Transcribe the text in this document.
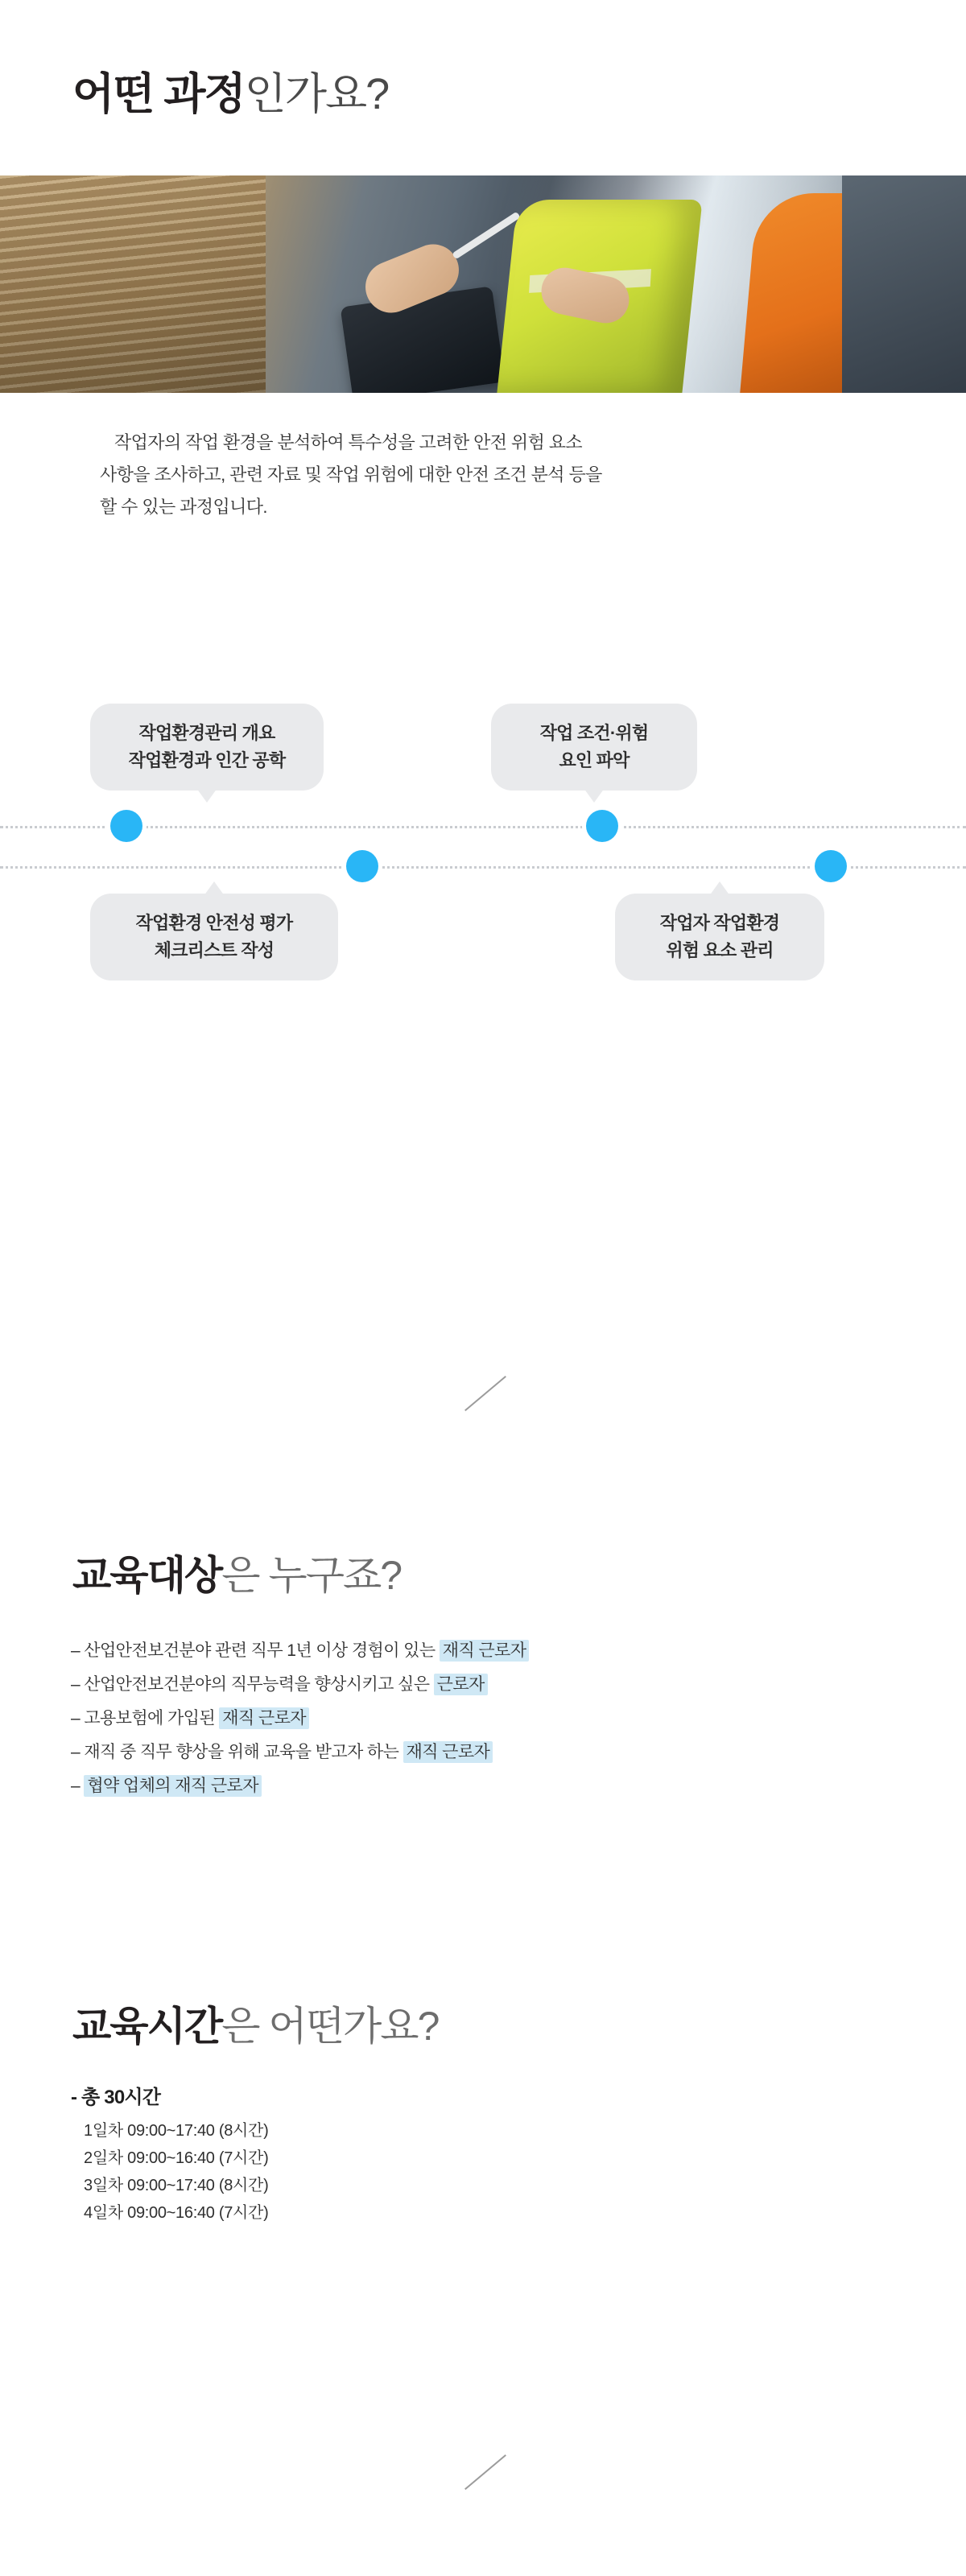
어떤 과정인가요?

작업자의 작업 환경을 분석하여 특수성을 고려한 안전 위험 요소

사항을 조사하고, 관련 자료 및 작업 위험에 대한 안전 조건 분석 등을

할 수 있는 과정입니다.

작업환경관리 개요
작업환경과 인간 공학
작업 조건·위험
요인 파악
작업환경 안전성 평가
체크리스트 작성
작업자 작업환경
위험 요소 관리
교육대상은 누구죠?
– 산업안전보건분야 관련 직무 1년 이상 경험이 있는 재직 근로자
– 산업안전보건분야의 직무능력을 향상시키고 싶은 근로자
– 고용보험에 가입된 재직 근로자
– 재직 중 직무 향상을 위해 교육을 받고자 하는 재직 근로자
– 협약 업체의 재직 근로자
교육시간은 어떤가요?
- 총 30시간
1일차 09:00~17:40 (8시간)
2일차 09:00~16:40 (7시간)
3일차 09:00~17:40 (8시간)
4일차 09:00~16:40 (7시간)
